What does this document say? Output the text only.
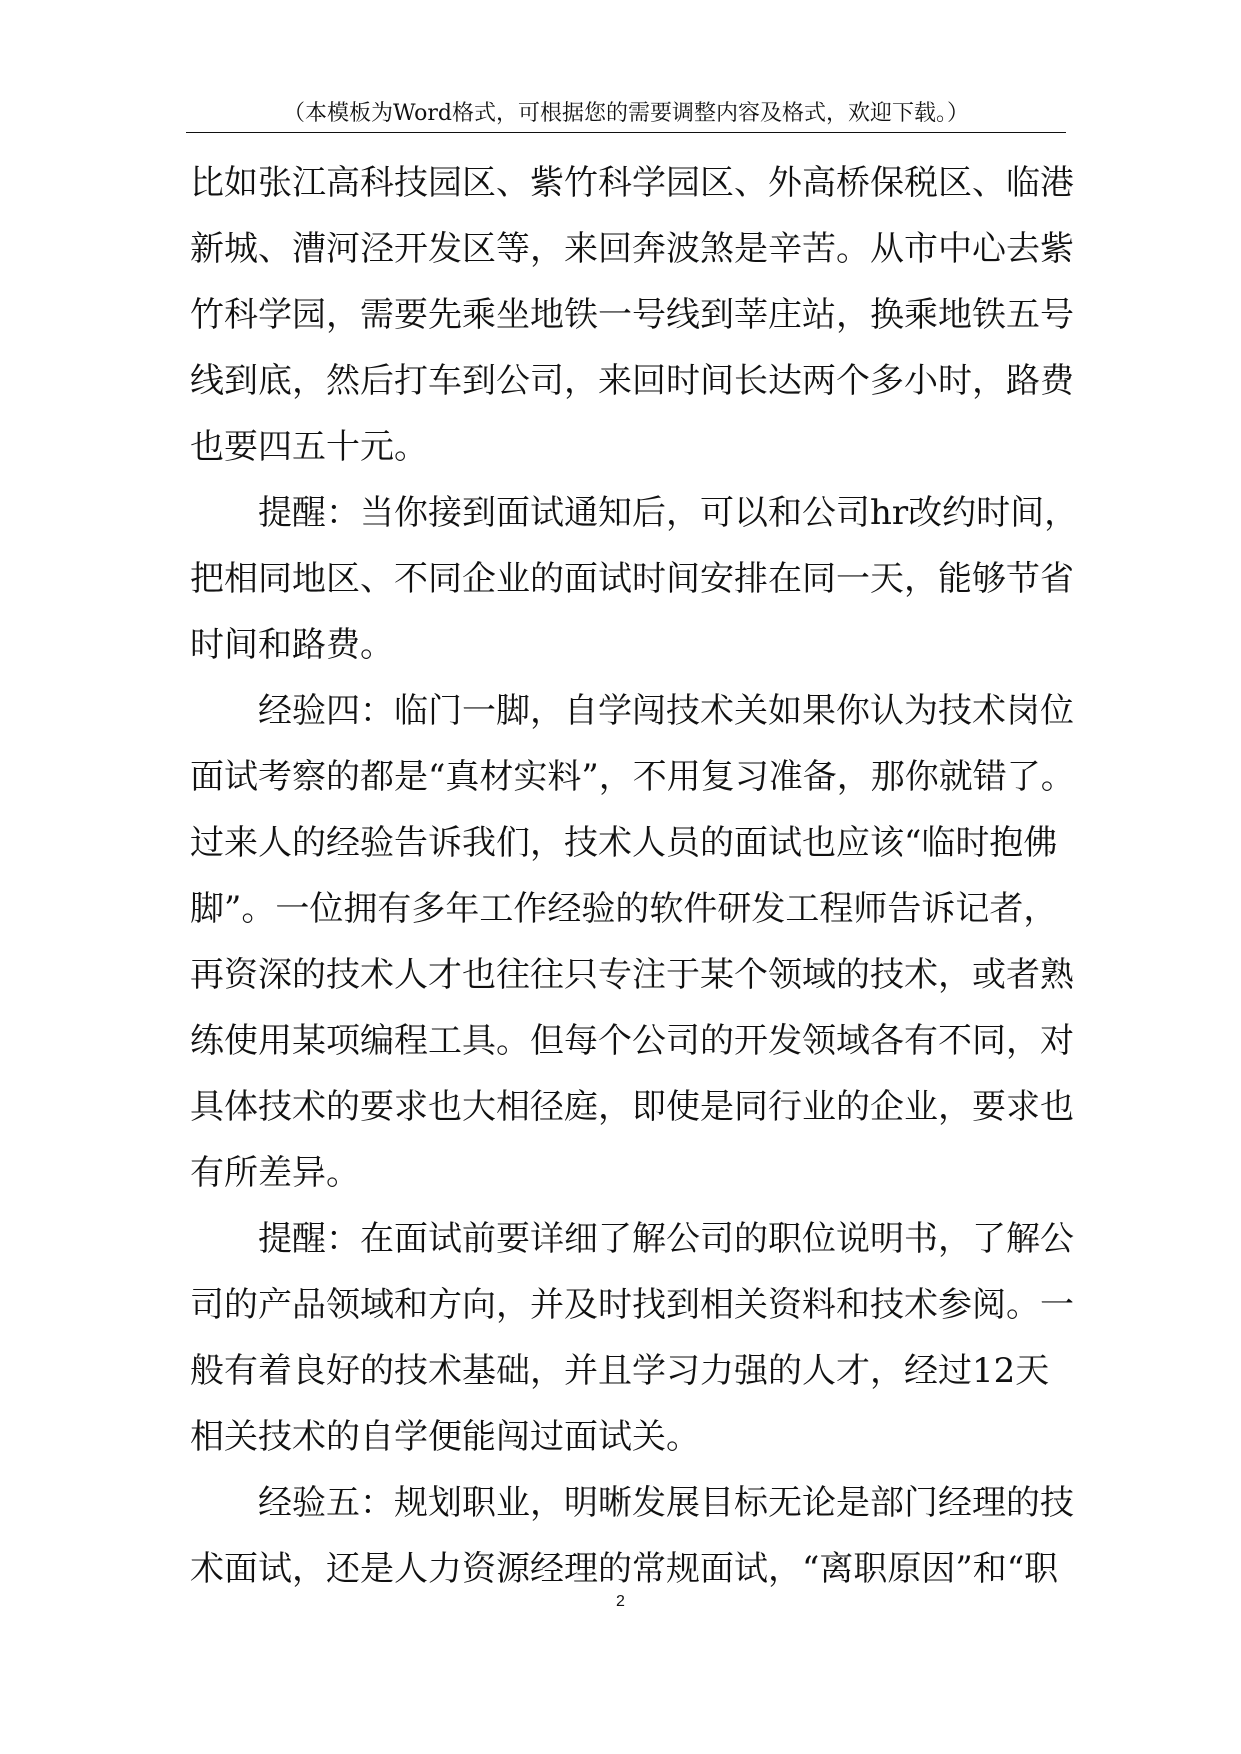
（本模板为Word格式，可根据您的需要调整内容及格式，欢迎下载。）
比如张江高科技园区、紫竹科学园区、外高桥保税区、临港
新城、漕河泾开发区等，来回奔波煞是辛苦。从市中心去紫
竹科学园，需要先乘坐地铁一号线到莘庄站，换乘地铁五号
线到底，然后打车到公司，来回时间长达两个多小时，路费
也要四五十元。
提醒：当你接到面试通知后，可以和公司hr改约时间，
把相同地区、不同企业的面试时间安排在同一天，能够节省
时间和路费。
经验四：临门一脚，自学闯技术关如果你认为技术岗位
面试考察的都是“真材实料”，不用复习准备，那你就错了。
过来人的经验告诉我们，技术人员的面试也应该“临时抱佛
脚”。一位拥有多年工作经验的软件研发工程师告诉记者，
再资深的技术人才也往往只专注于某个领域的技术，或者熟
练使用某项编程工具。但每个公司的开发领域各有不同，对
具体技术的要求也大相径庭，即使是同行业的企业，要求也
有所差异。
提醒：在面试前要详细了解公司的职位说明书，了解公
司的产品领域和方向，并及时找到相关资料和技术参阅。一
般有着良好的技术基础，并且学习力强的人才，经过12天
相关技术的自学便能闯过面试关。
经验五：规划职业，明晰发展目标无论是部门经理的技
术面试，还是人力资源经理的常规面试，“离职原因”和“职
2
